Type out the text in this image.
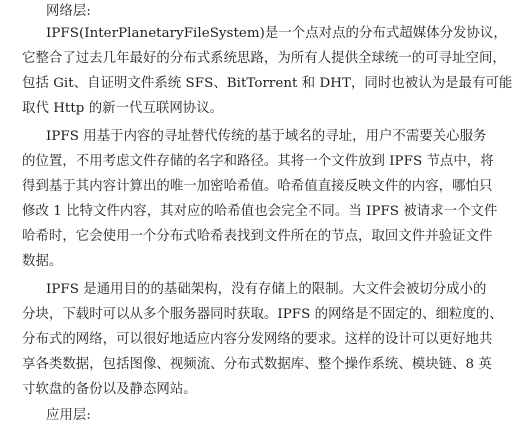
网络层:
IPFS(InterPlanetaryFileSystem)是一个点对点的分布式超媒体分发协议，
它整合了过去几年最好的分布式系统思路，为所有人提供全球统一的可寻址空间，
包括 Git、自证明文件系统 SFS、BitTorrent 和 DHT，同时也被认为是最有可能
取代 Http 的新一代互联网协议。
IPFS 用基于内容的寻址替代传统的基于域名的寻址，用户不需要关心服务
的位置，不用考虑文件存储的名字和路径。其将一个文件放到 IPFS 节点中，将
得到基于其内容计算出的唯一加密哈希值。哈希值直接反映文件的内容，哪怕只
修改 1 比特文件内容，其对应的哈希值也会完全不同。当 IPFS 被请求一个文件
哈希时，它会使用一个分布式哈希表找到文件所在的节点，取回文件并验证文件
数据。
IPFS 是通用目的的基础架构，没有存储上的限制。大文件会被切分成小的
分块，下载时可以从多个服务器同时获取。IPFS 的网络是不固定的、细粒度的、
分布式的网络，可以很好地适应内容分发网络的要求。这样的设计可以更好地共
享各类数据，包括图像、视频流、分布式数据库、整个操作系统、模块链、8 英
寸软盘的备份以及静态网站。
应用层:
